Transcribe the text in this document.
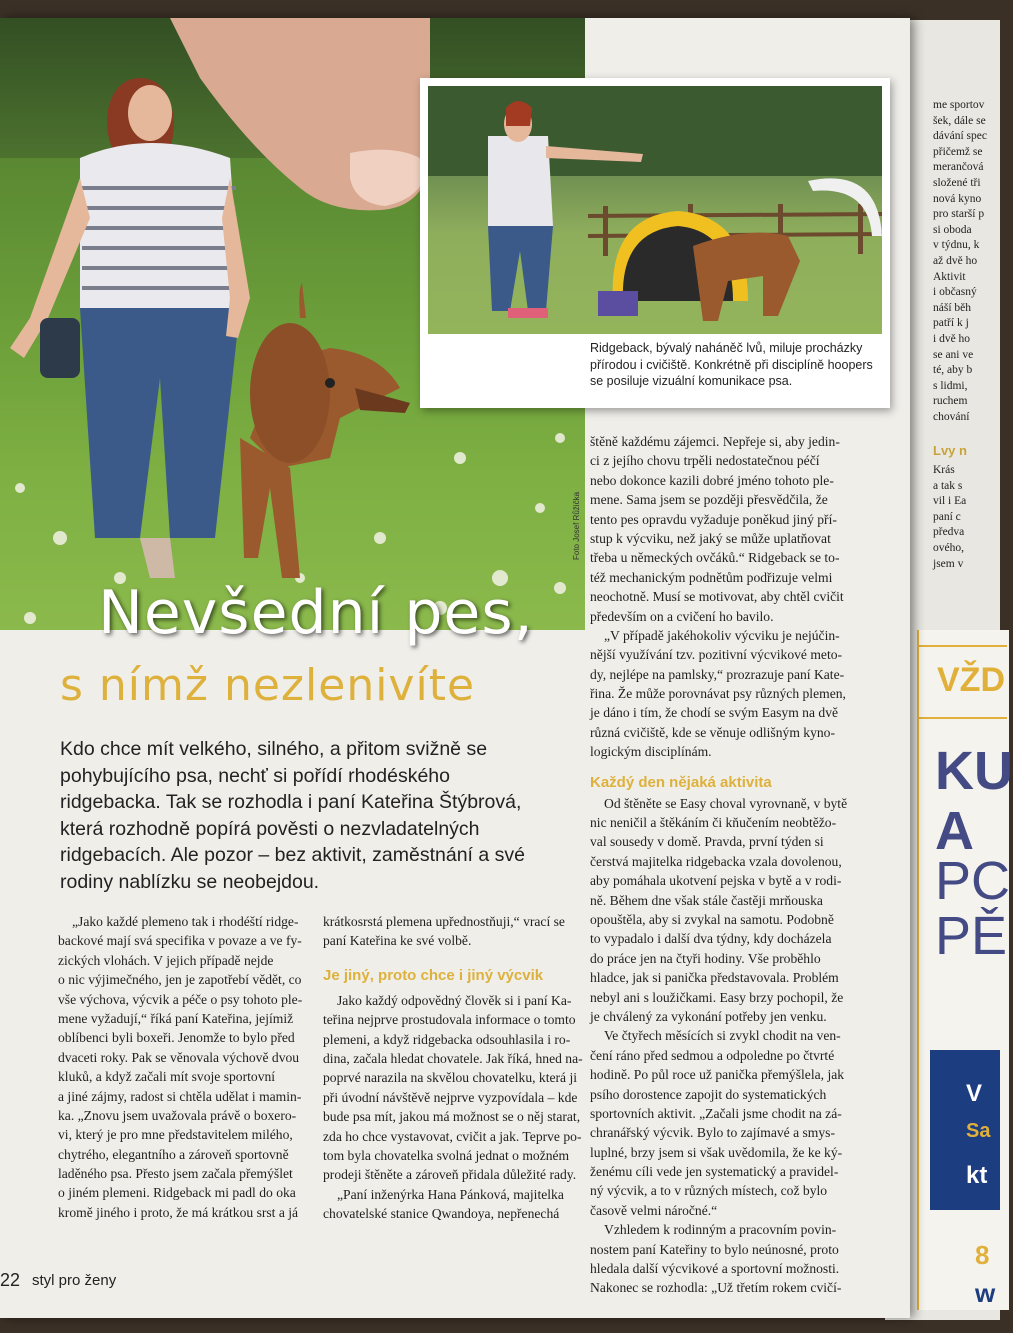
me sportov
šek, dále se
dávání spec
přičemž se
merančová
složené tři
nová kyno
pro starší p
si oboda
v týdnu, k
až dvě ho
Aktivit
i občasný
náší běh
patří k j
i dvě ho
se ani ve
té, aby b
s lidmi,
ruchem
chování
Lvy n
Krás
a tak s
vil i Ea
paní c
předva
ového,
jsem v
VŽD
KU
A
PC
PĚ
V
Sa
kt
8
w
Ridgeback, bývalý naháněč lvů, miluje procházky přírodou i cvičiště. Konkrétně při disciplíně hoopers se posiluje vizuální komunikace psa.
Foto Josef Růžička
Nevšední pes,
s nímž nezlenivíte
Kdo chce mít velkého, silného, a přitom svižně se
pohybujícího psa, nechť si pořídí rhodéského
ridgebacka. Tak se rozhodla i paní Kateřina Štýbrová,
která rozhodně popírá pověsti o nezvladatelných
ridgebacích. Ale pozor – bez aktivit, zaměstnání a své
rodiny nablízku se neobejdou.
„Jako každé plemeno tak i rhodéští ridge-
backové mají svá specifika v povaze a ve fy-
zických vlohách. V jejich případě nejde
o nic výjimečného, jen je zapotřebí vědět, co
vše výchova, výcvik a péče o psy tohoto ple-
mene vyžadují,“ říká paní Kateřina, jejímiž
oblíbenci byli boxeři. Jenomže to bylo před
dvaceti roky. Pak se věnovala výchově dvou
kluků, a když začali mít svoje sportovní
a jiné zájmy, radost si chtěla udělat i mamin-
ka. „Znovu jsem uvažovala právě o boxero-
vi, který je pro mne představitelem milého,
chytrého, elegantního a zároveň sportovně
laděného psa. Přesto jsem začala přemýšlet
o jiném plemeni. Ridgeback mi padl do oka
kromě jiného i proto, že má krátkou srst a já
krátkosrstá plemena upřednostňuji,“ vrací se
paní Kateřina ke své volbě.
Je jiný, proto chce i jiný výcvik
Jako každý odpovědný člověk si i paní Ka-
teřina nejprve prostudovala informace o tomto
plemeni, a když ridgebacka odsouhlasila i ro-
dina, začala hledat chovatele. Jak říká, hned na-
poprvé narazila na skvělou chovatelku, která ji
při úvodní návštěvě nejprve vyzpovídala – kde
bude psa mít, jakou má možnost se o něj starat,
zda ho chce vystavovat, cvičit a jak. Teprve po-
tom byla chovatelka svolná jednat o možném
prodeji štěněte a zároveň přidala důležité rady.
„Paní inženýrka Hana Pánková, majitelka
chovatelské stanice Qwandoya, nepřenechá
štěně každému zájemci. Nepřeje si, aby jedin-
ci z jejího chovu trpěli nedostatečnou péčí
nebo dokonce kazili dobré jméno tohoto ple-
mene. Sama jsem se později přesvědčila, že
tento pes opravdu vyžaduje poněkud jiný pří-
stup k výcviku, než jaký se může uplatňovat
třeba u německých ovčáků.“ Ridgeback se to-
též mechanickým podnětům podřizuje velmi
neochotně. Musí se motivovat, aby chtěl cvičit
především on a cvičení ho bavilo.
„V případě jakéhokoliv výcviku je nejúčin-
nější využívání tzv. pozitivní výcvikové meto-
dy, nejlépe na pamlsky,“ prozrazuje paní Kate-
řina. Že může porovnávat psy různých plemen,
je dáno i tím, že chodí se svým Easym na dvě
různá cvičiště, kde se věnuje odlišným kyno-
logickým disciplínám.
Každý den nějaká aktivita
Od štěněte se Easy choval vyrovnaně, v bytě
nic neničil a štěkáním či kňučením neobtěžo-
val sousedy v domě. Pravda, první týden si
čerstvá majitelka ridgebacka vzala dovolenou,
aby pomáhala ukotvení pejska v bytě a v rodi-
ně. Během dne však stále častěji mrňouska
opouštěla, aby si zvykal na samotu. Podobně
to vypadalo i další dva týdny, kdy docházela
do práce jen na čtyři hodiny. Vše proběhlo
hladce, jak si panička představovala. Problém
nebyl ani s loužičkami. Easy brzy pochopil, že
je chválený za vykonání potřeby jen venku.
Ve čtyřech měsících si zvykl chodit na ven-
čení ráno před sedmou a odpoledne po čtvrté
hodině. Po půl roce už panička přemýšlela, jak
psího dorostence zapojit do systematických
sportovních aktivit. „Začali jsme chodit na zá-
chranářský výcvik. Bylo to zajímavé a smys-
luplné, brzy jsem si však uvědomila, že ke ký-
ženému cíli vede jen systematický a pravidel-
ný výcvik, a to v různých místech, což bylo
časově velmi náročné.“
Vzhledem k rodinným a pracovním povin-
nostem paní Kateřiny to bylo neúnosné, proto
hledala další výcvikové a sportovní možnosti.
Nakonec se rozhodla: „Už třetím rokem cvičí-
22 styl pro ženy
